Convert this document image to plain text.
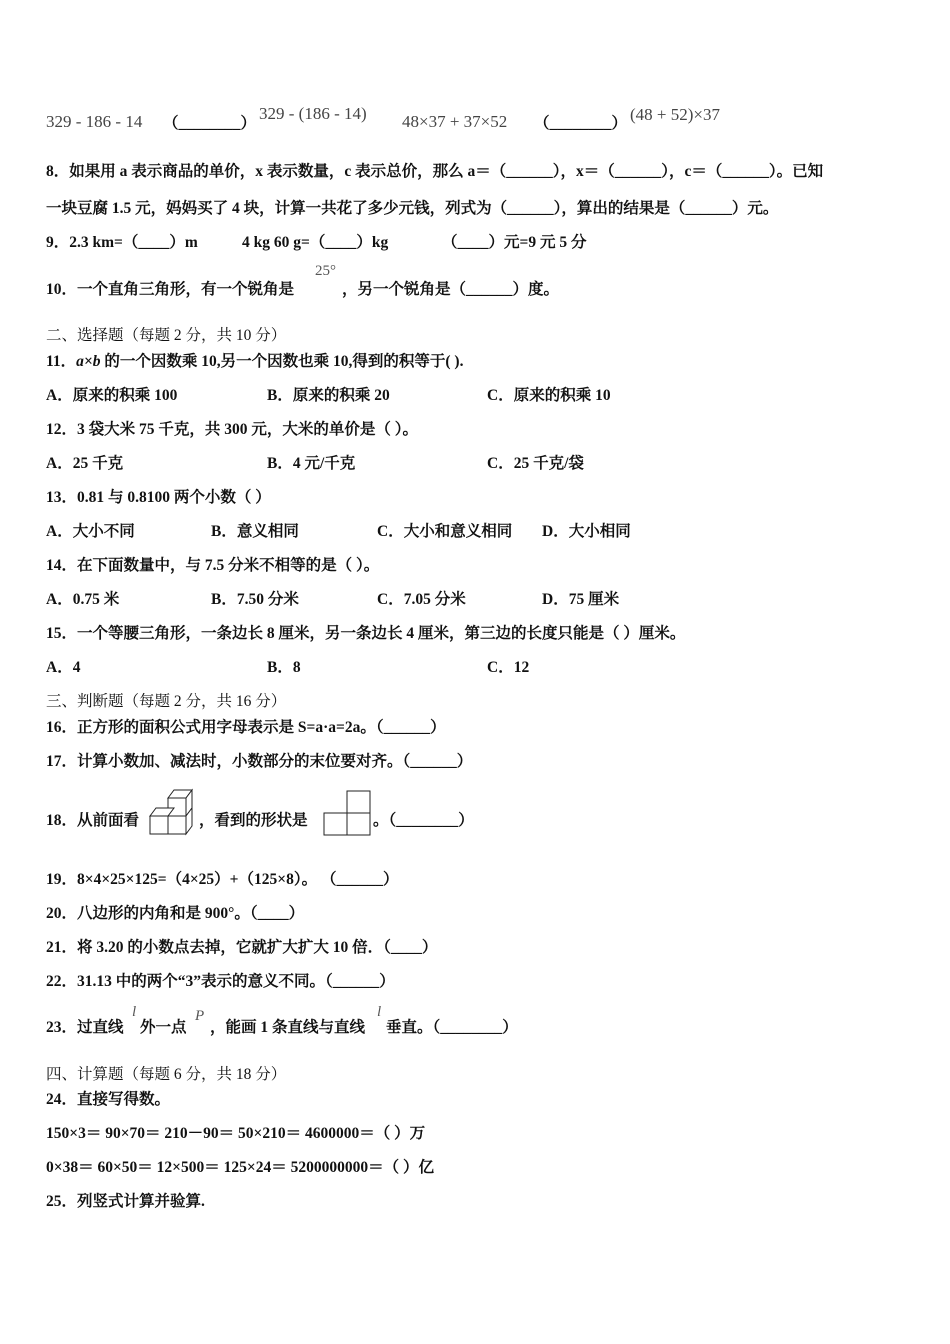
329 - 186 - 14 （________）
329 - (186 - 14) 48×37 + 37×52 （________） (48 + 52)×37
8．如果用 a 表示商品的单价，x 表示数量，c 表示总价，那么 a＝（______），x＝（______），c＝（______）。已知
一块豆腐 1.5 元，妈妈买了 4 块，计算一共花了多少元钱，列式为（______），算出的结果是（______）元。
9．2.3 km=（____）m	4 kg 60 g=（____）kg	（____）元=9 元 5 分
10．一个直角三角形，有一个锐角是
25°
，另一个锐角是（______）度。
二、选择题（每题 2 分，共 10 分）
11．a×b 的一个因数乘 10,另一个因数也乘 10,得到的积等于( ).
A．原来的积乘 100	B．原来的积乘 20	C．原来的积乘 10
12．3 袋大米 75 千克，共 300 元，大米的单价是（ ）。
A．25 千克	B．4 元/千克	C．25 千克/袋
13．0.81 与 0.8100 两个小数（ ）
A．大小不同	B．意义相同	C．大小和意义相同 D．大小相同
14．在下面数量中，与 7.5 分米不相等的是（ ）。
A．0.75 米	B．7.50 分米	C．7.05 分米	D．75 厘米
15．一个等腰三角形，一条边长 8 厘米，另一条边长 4 厘米，第三边的长度只能是（ ）厘米。
A．4	B．8	C．12
三、判断题（每题 2 分，共 16 分）
16．正方形的面积公式用字母表示是 S=a·a=2a。（______）
17．计算小数加、减法时，小数部分的末位要对齐。（______）
18．从前面看	，看到的形状是	。（________）
19．8×4×25×125=（4×25）+（125×8）。 （______）
20．八边形的内角和是 900°。（____）
21．将 3.20 的小数点去掉，它就扩大扩大 10 倍．（____）
22．31.13 中的两个“3”表示的意义不同。（______）
23．过直线
l
外一点
P
，能画 1 条直线与直线
l
垂直。（________）
四、计算题（每题 6 分，共 18 分）
24．直接写得数。
150×3＝ 90×70＝ 210－90＝ 50×210＝ 4600000＝（ ）万
0×38＝ 60×50＝ 12×500＝ 125×24＝ 5200000000＝（ ）亿
25．列竖式计算并验算.
